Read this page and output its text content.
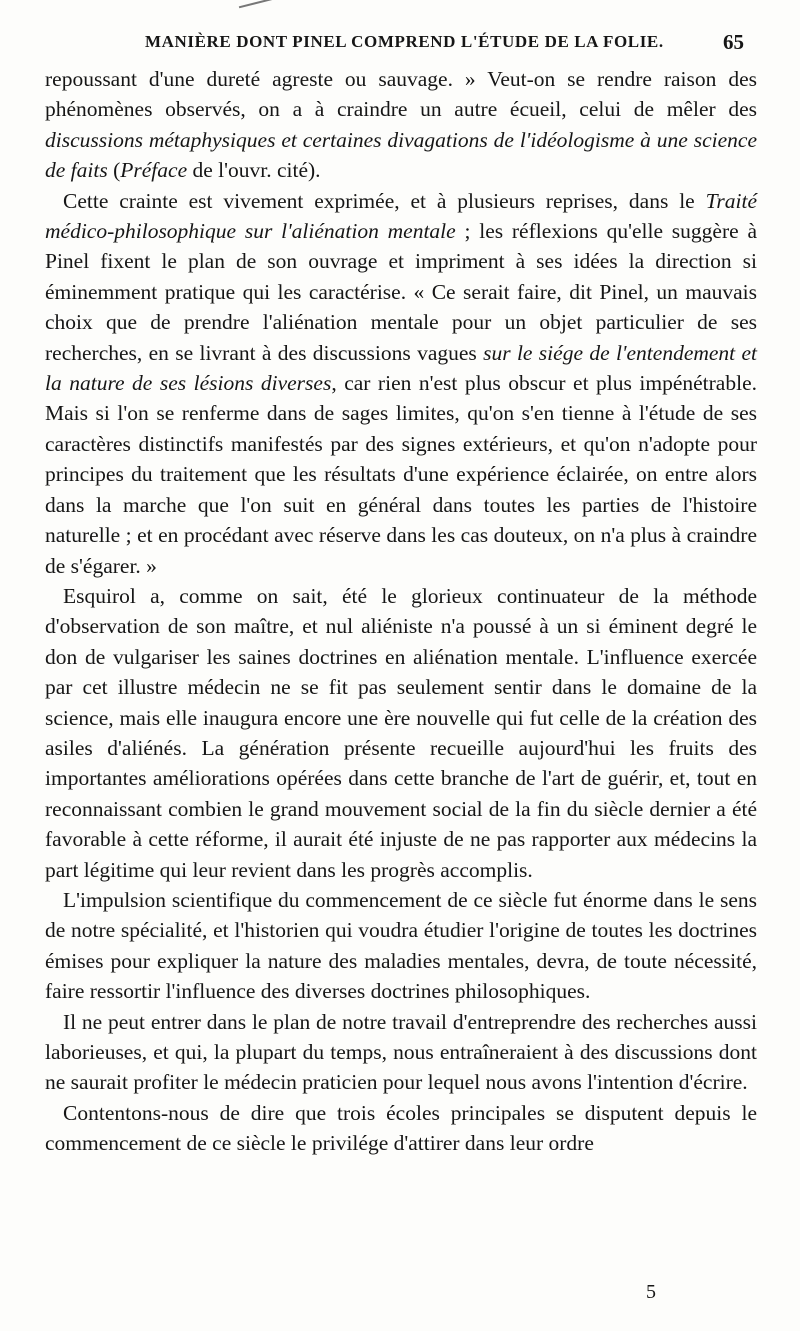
MANIÈRE DONT PINEL COMPREND L'ÉTUDE DE LA FOLIE.	65

repoussant d'une dureté agreste ou sauvage. » Veut-on se rendre raison des phénomènes observés, on a à craindre un autre écueil, celui de mêler des discussions métaphysiques et certaines divagations de l'idéologisme à une science de faits (Préface de l'ouvr. cité).

Cette crainte est vivement exprimée, et à plusieurs reprises, dans le Traité médico-philosophique sur l'aliénation mentale ; les réflexions qu'elle suggère à Pinel fixent le plan de son ouvrage et impriment à ses idées la direction si éminemment pratique qui les caractérise. « Ce serait faire, dit Pinel, un mauvais choix que de prendre l'aliénation mentale pour un objet particulier de ses recherches, en se livrant à des discussions vagues sur le siége de l'entendement et la nature de ses lésions diverses, car rien n'est plus obscur et plus impénétrable. Mais si l'on se renferme dans de sages limites, qu'on s'en tienne à l'étude de ses caractères distinctifs manifestés par des signes extérieurs, et qu'on n'adopte pour principes du traitement que les résultats d'une expérience éclairée, on entre alors dans la marche que l'on suit en général dans toutes les parties de l'histoire naturelle ; et en procédant avec réserve dans les cas douteux, on n'a plus à craindre de s'égarer. »

Esquirol a, comme on sait, été le glorieux continuateur de la méthode d'observation de son maître, et nul aliéniste n'a poussé à un si éminent degré le don de vulgariser les saines doctrines en aliénation mentale. L'influence exercée par cet illustre médecin ne se fit pas seulement sentir dans le domaine de la science, mais elle inaugura encore une ère nouvelle qui fut celle de la création des asiles d'aliénés. La génération présente recueille aujourd'hui les fruits des importantes améliorations opérées dans cette branche de l'art de guérir, et, tout en reconnaissant combien le grand mouvement social de la fin du siècle dernier a été favorable à cette réforme, il aurait été injuste de ne pas rapporter aux médecins la part légitime qui leur revient dans les progrès accomplis.

L'impulsion scientifique du commencement de ce siècle fut énorme dans le sens de notre spécialité, et l'historien qui voudra étudier l'origine de toutes les doctrines émises pour expliquer la nature des maladies mentales, devra, de toute nécessité, faire ressortir l'influence des diverses doctrines philosophiques.

Il ne peut entrer dans le plan de notre travail d'entreprendre des recherches aussi laborieuses, et qui, la plupart du temps, nous entraîneraient à des discussions dont ne saurait profiter le médecin praticien pour lequel nous avons l'intention d'écrire.

Contentons-nous de dire que trois écoles principales se disputent depuis le commencement de ce siècle le privilége d'attirer dans leur ordre

5
